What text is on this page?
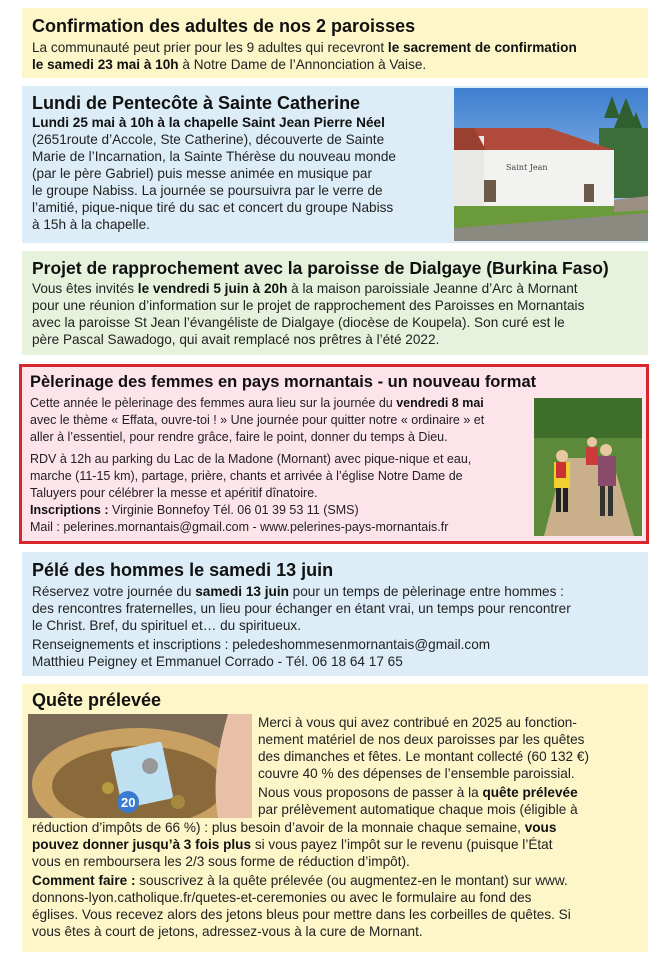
Confirmation des adultes de nos 2 paroisses
La communauté peut prier pour les 9 adultes qui recevront le sacrement de confirmation
le samedi 23 mai à 10h à Notre Dame de l’Annonciation à Vaise.
Lundi de Pentecôte à Sainte Catherine
Lundi 25 mai à 10h à la chapelle Saint Jean Pierre Néel
(2651route d’Accole, Ste Catherine), découverte de Sainte
Marie de l’Incarnation, la Sainte Thérèse du nouveau monde
(par le père Gabriel) puis messe animée en musique par
le groupe Nabiss. La journée se poursuivra par le verre de
l’amitié, pique-nique tiré du sac et concert du groupe Nabiss
à 15h à la chapelle.
Saint Jean
Projet de rapprochement avec la paroisse de Dialgaye (Burkina Faso)
Vous êtes invités le vendredi 5 juin à 20h à la maison paroissiale Jeanne d’Arc à Mornant
pour une réunion d’information sur le projet de rapprochement des Paroisses en Mornantais
avec la paroisse St Jean l’évangéliste de Dialgaye (diocèse de Koupela). Son curé est le
père Pascal Sawadogo, qui avait remplacé nos prêtres à l’été 2022.
Pèlerinage des femmes en pays mornantais - un nouveau format
Cette année le pèlerinage des femmes aura lieu sur la journée du vendredi 8 mai
avec le thème « Effata, ouvre-toi ! » Une journée pour quitter notre « ordinaire » et
aller à l’essentiel, pour rendre grâce, faire le point, donner du temps à Dieu.
RDV à 12h au parking du Lac de la Madone (Mornant) avec pique-nique et eau,
marche (11-15 km), partage, prière, chants et arrivée à l’église Notre Dame de
Taluyers pour célébrer la messe et apéritif dînatoire.
Inscriptions : Virginie Bonnefoy Tél. 06 01 39 53 11 (SMS)
Mail : pelerines.mornantais@gmail.com - www.pelerines-pays-mornantais.fr
Pélé des hommes le samedi 13 juin
Réservez votre journée du samedi 13 juin pour un temps de pèlerinage entre hommes :
des rencontres fraternelles, un lieu pour échanger en étant vrai, un temps pour rencontrer
le Christ. Bref, du spirituel et… du spiritueux.
Renseignements et inscriptions : peledeshommesenmornantais@gmail.com
Matthieu Peigney et Emmanuel Corrado - Tél. 06 18 64 17 65
Quête prélevée
20
Merci à vous qui avez contribué en 2025 au fonction-
nement matériel de nos deux paroisses par les quêtes
des dimanches et fêtes. Le montant collecté (60 132 €)
couvre 40 % des dépenses de l’ensemble paroissial.
Nous vous proposons de passer à la quête prélevée
par prélèvement automatique chaque mois (éligible à
réduction d’impôts de 66 %) : plus besoin d’avoir de la monnaie chaque semaine, vous
pouvez donner jusqu’à 3 fois plus si vous payez l’impôt sur le revenu (puisque l’État
vous en remboursera les 2/3 sous forme de réduction d’impôt).
Comment faire : souscrivez à la quête prélevée (ou augmentez-en le montant) sur www.
donnons-lyon.catholique.fr/quetes-et-ceremonies ou avec le formulaire au fond des
églises. Vous recevez alors des jetons bleus pour mettre dans les corbeilles de quêtes. Si
vous êtes à court de jetons, adressez-vous à la cure de Mornant.
